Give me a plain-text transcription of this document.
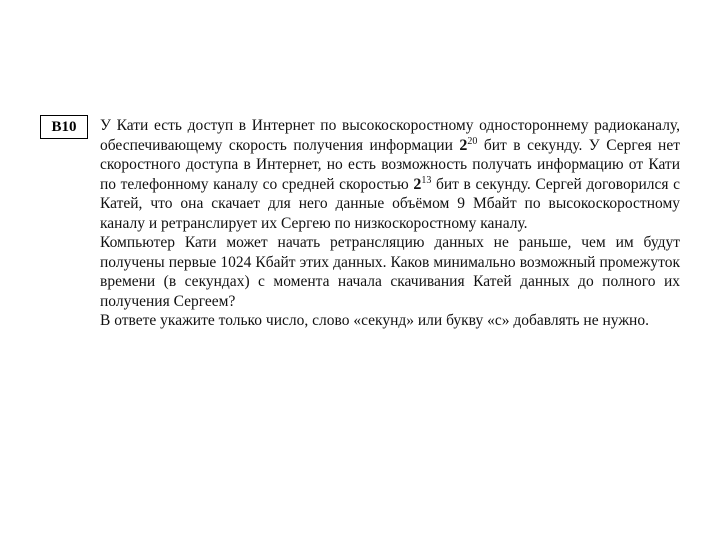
B10	У Кати есть доступ в Интернет по высокоскоростному одностороннему радиоканалу, обеспечивающему скорость получения информации $2^{20}$ бит в секунду. У Сергея нет скоростного доступа в Интернет, но есть возможность получать информацию от Кати по телефонному каналу со средней скоростью $2^{13}$ бит в секунду. Сергей договорился с Катей, что она скачает для него данные объёмом 9 Мбайт по высокоскоростному каналу и ретранслирует их Сергею по низкоскоростному каналу.

Компьютер Кати может начать ретрансляцию данных не раньше, чем им будут получены первые 1024 Кбайт этих данных. Каков минимально возможный промежуток времени (в секундах) с момента начала скачивания Катей данных до полного их получения Сергеем?

В ответе укажите только число, слово «секунд» или букву «с» добавлять не нужно.
